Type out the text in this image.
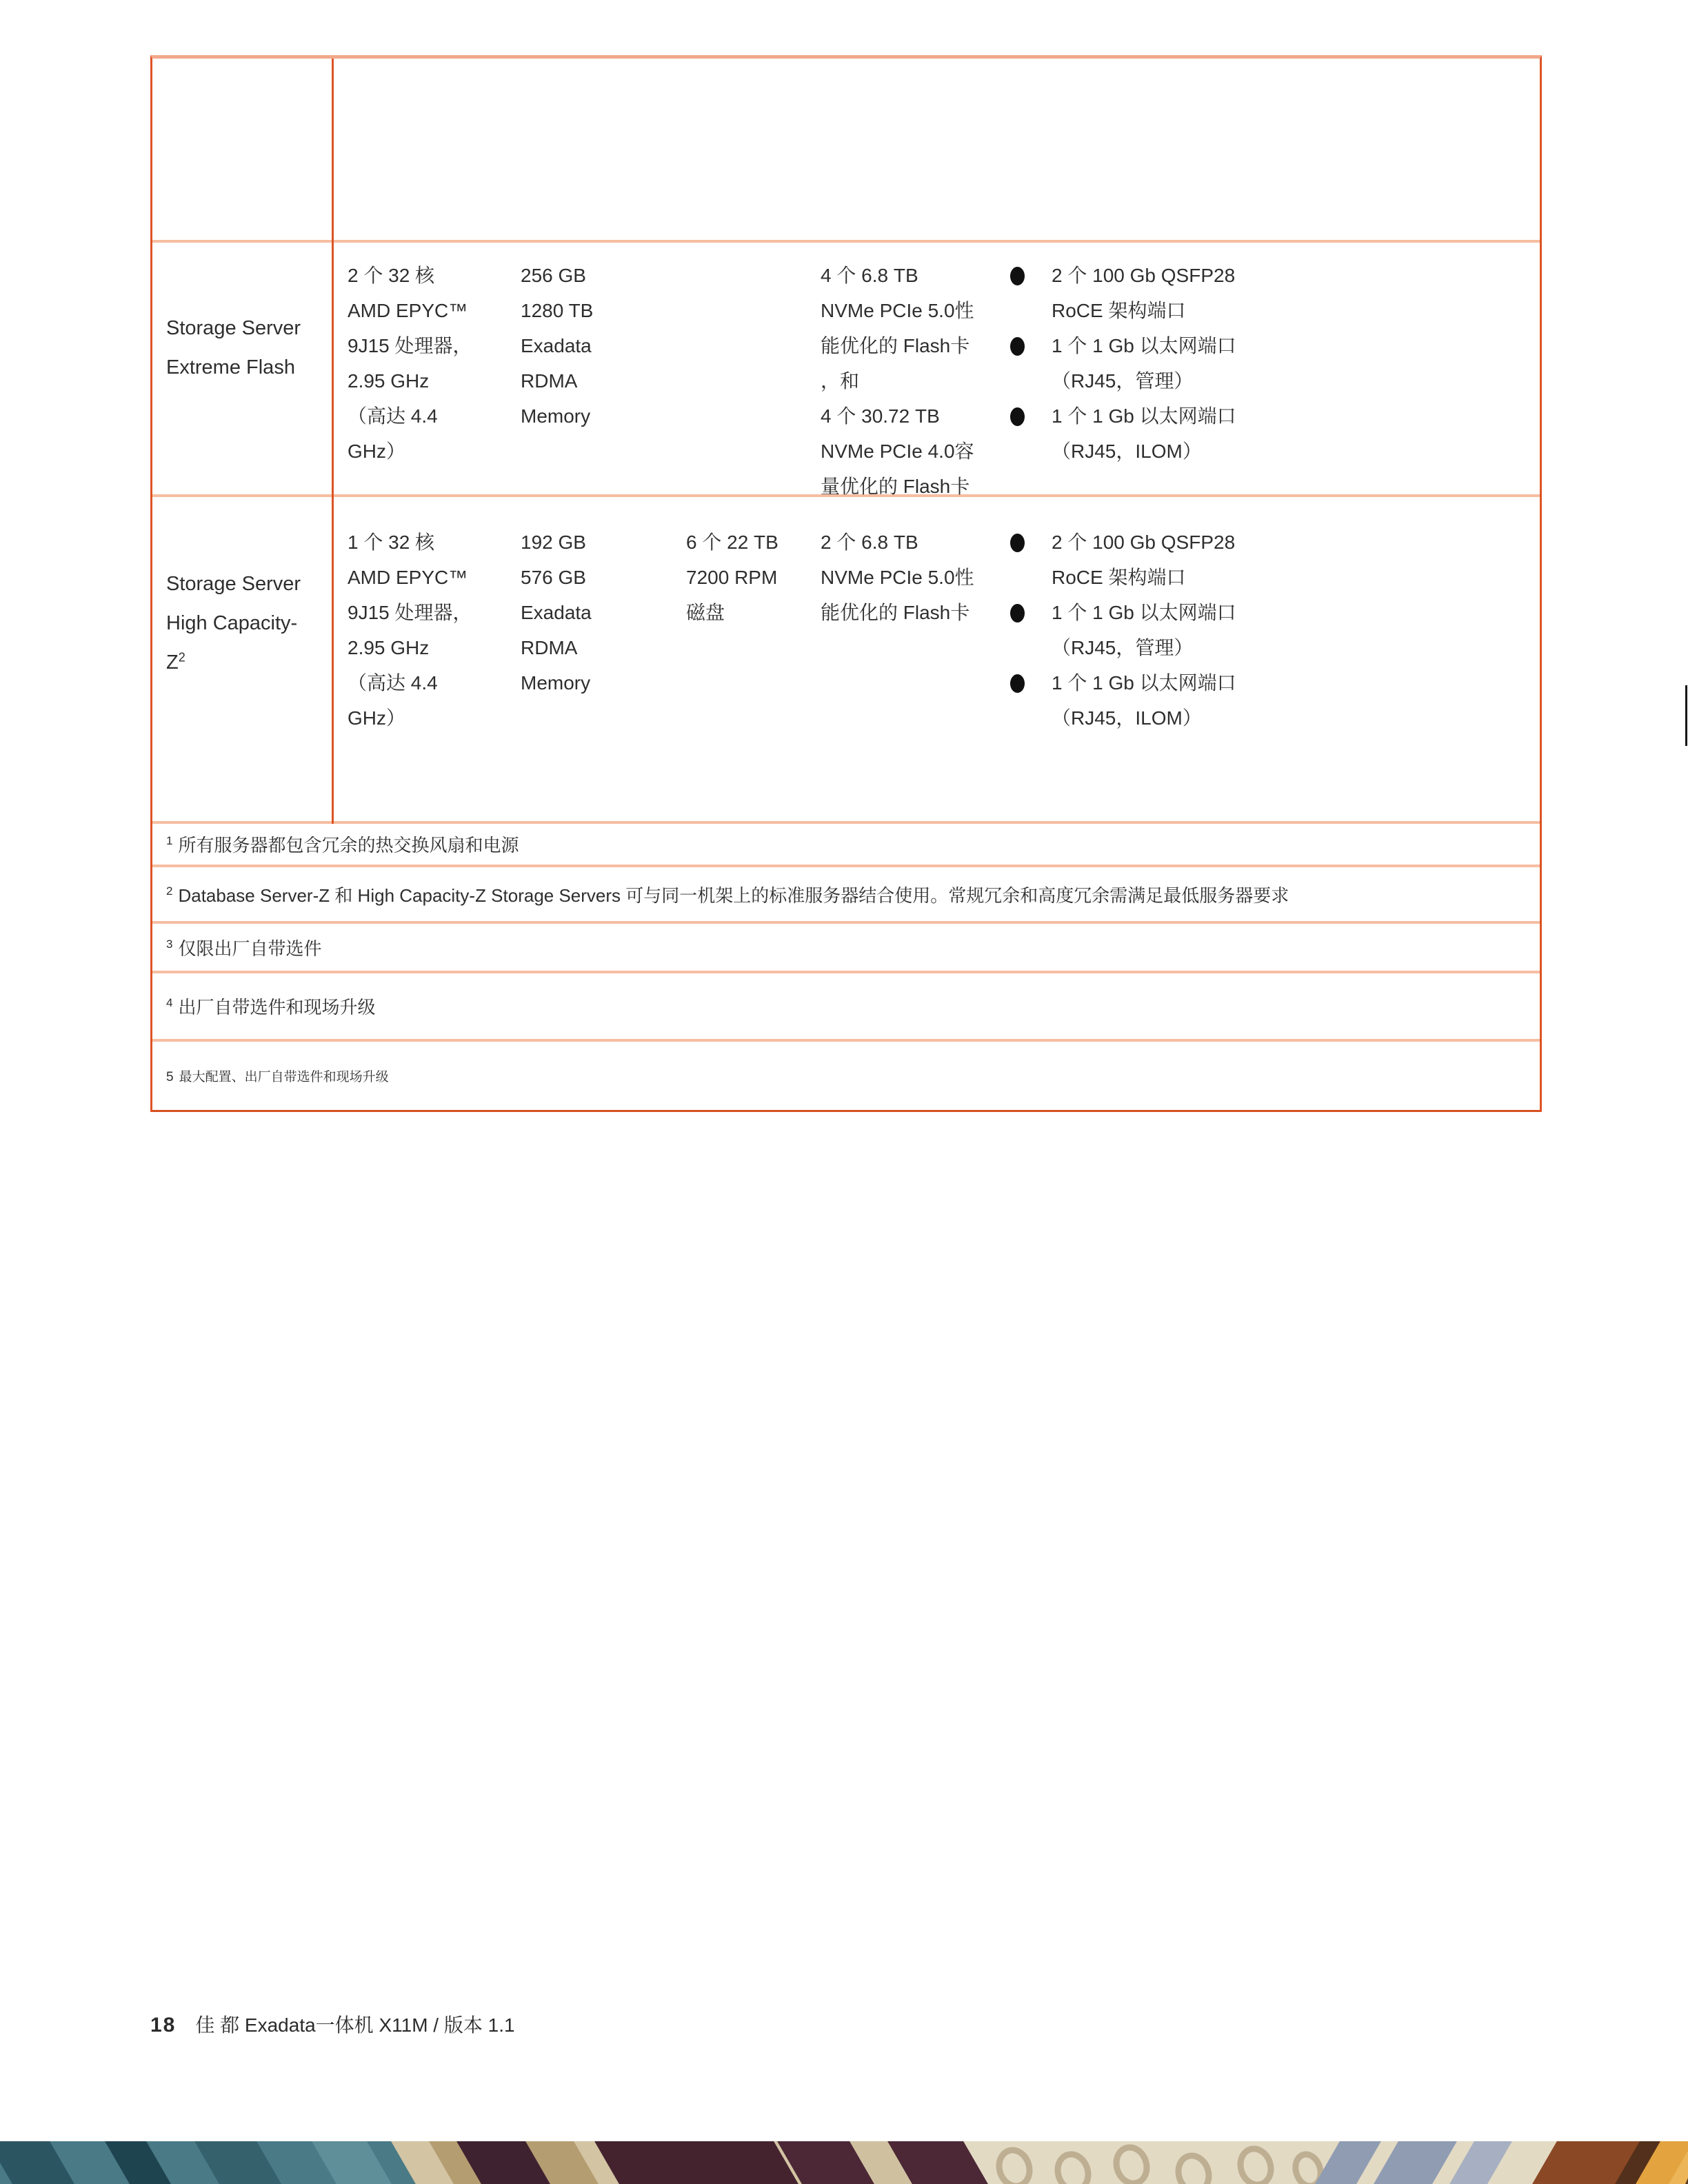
Storage Server
Extreme Flash
2 个 32 核
AMD EPYC™
9J15 处理器，
2.95 GHz
（高达 4.4
GHz）
256 GB
1280 TB
Exadata
RDMA
Memory
4 个 6.8 TB
NVMe PCIe 5.0性
能优化的 Flash卡
，和
4 个 30.72 TB
NVMe PCIe 4.0容
量优化的 Flash卡
2 个 100 Gb QSFP28
RoCE 架构端口
1 个 1 Gb 以太网端口
（RJ45，管理）
1 个 1 Gb 以太网端口
（RJ45，ILOM）
Storage Server
High Capacity-
$Z^2$
1 个 32 核
AMD EPYC™
9J15 处理器，
2.95 GHz
（高达 4.4
GHz）
192 GB
576 GB
Exadata
RDMA
Memory
6 个 22 TB
7200 RPM
磁盘
2 个 6.8 TB
NVMe PCIe 5.0性
能优化的 Flash卡
2 个 100 Gb QSFP28
RoCE 架构端口
1 个 1 Gb 以太网端口
（RJ45，管理）
1 个 1 Gb 以太网端口
（RJ45，ILOM）
$^1$ 所有服务器都包含冗余的热交换风扇和电源
$^2$ Database Server-Z 和 High Capacity-Z Storage Servers 可与同一机架上的标准服务器结合使用。常规冗余和高度冗余需满足最低服务器要求
$^3$ 仅限出厂自带选件
$^4$ 出厂自带选件和现场升级
5 最大配置、出厂自带选件和现场升级
18 佳 都 Exadata一体机 X11M / 版本 1.1
